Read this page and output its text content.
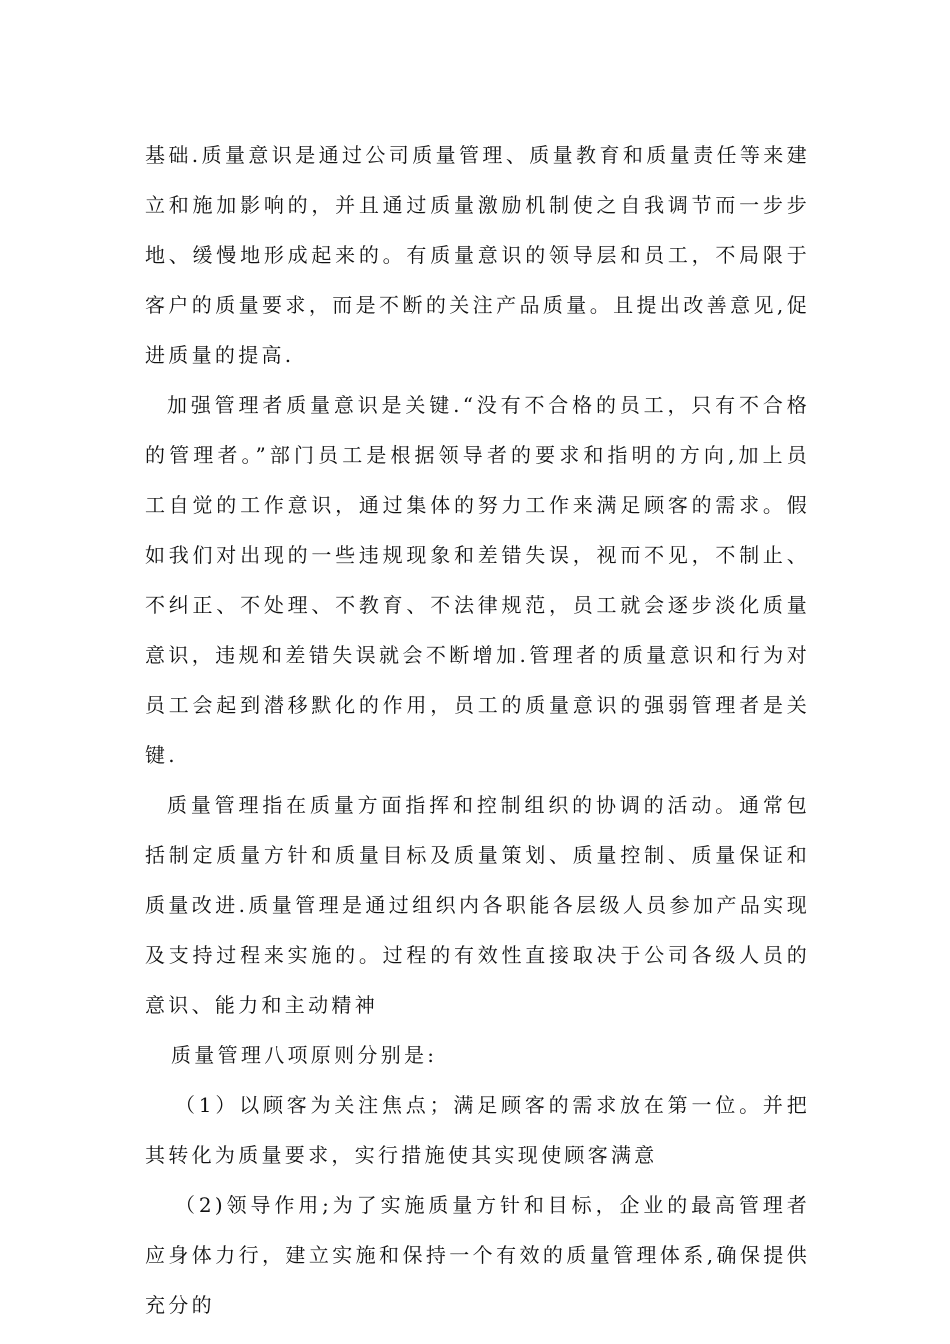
基础.质量意识是通过公司质量管理、质量教育和质量责任等来建立和施加影响的，并且通过质量激励机制使之自我调节而一步步地、缓慢地形成起来的。有质量意识的领导层和员工，不局限于客户的质量要求，而是不断的关注产品质量。且提出改善意见,促进质量的提高.

加强管理者质量意识是关键.“没有不合格的员工，只有不合格的管理者。”部门员工是根据领导者的要求和指明的方向,加上员工自觉的工作意识，通过集体的努力工作来满足顾客的需求。假如我们对出现的一些违规现象和差错失误，视而不见，不制止、不纠正、不处理、不教育、不法律规范，员工就会逐步淡化质量意识，违规和差错失误就会不断增加.管理者的质量意识和行为对员工会起到潜移默化的作用，员工的质量意识的强弱管理者是关键.

质量管理指在质量方面指挥和控制组织的协调的活动。通常包括制定质量方针和质量目标及质量策划、质量控制、质量保证和质量改进.质量管理是通过组织内各职能各层级人员参加产品实现及支持过程来实施的。过程的有效性直接取决于公司各级人员的意识、能力和主动精神

质量管理八项原则分别是:

（1）以顾客为关注焦点；满足顾客的需求放在第一位。并把其转化为质量要求，实行措施使其实现使顾客满意

（2)领导作用;为了实施质量方针和目标，企业的最高管理者应身体力行，建立实施和保持一个有效的质量管理体系,确保提供充分的
